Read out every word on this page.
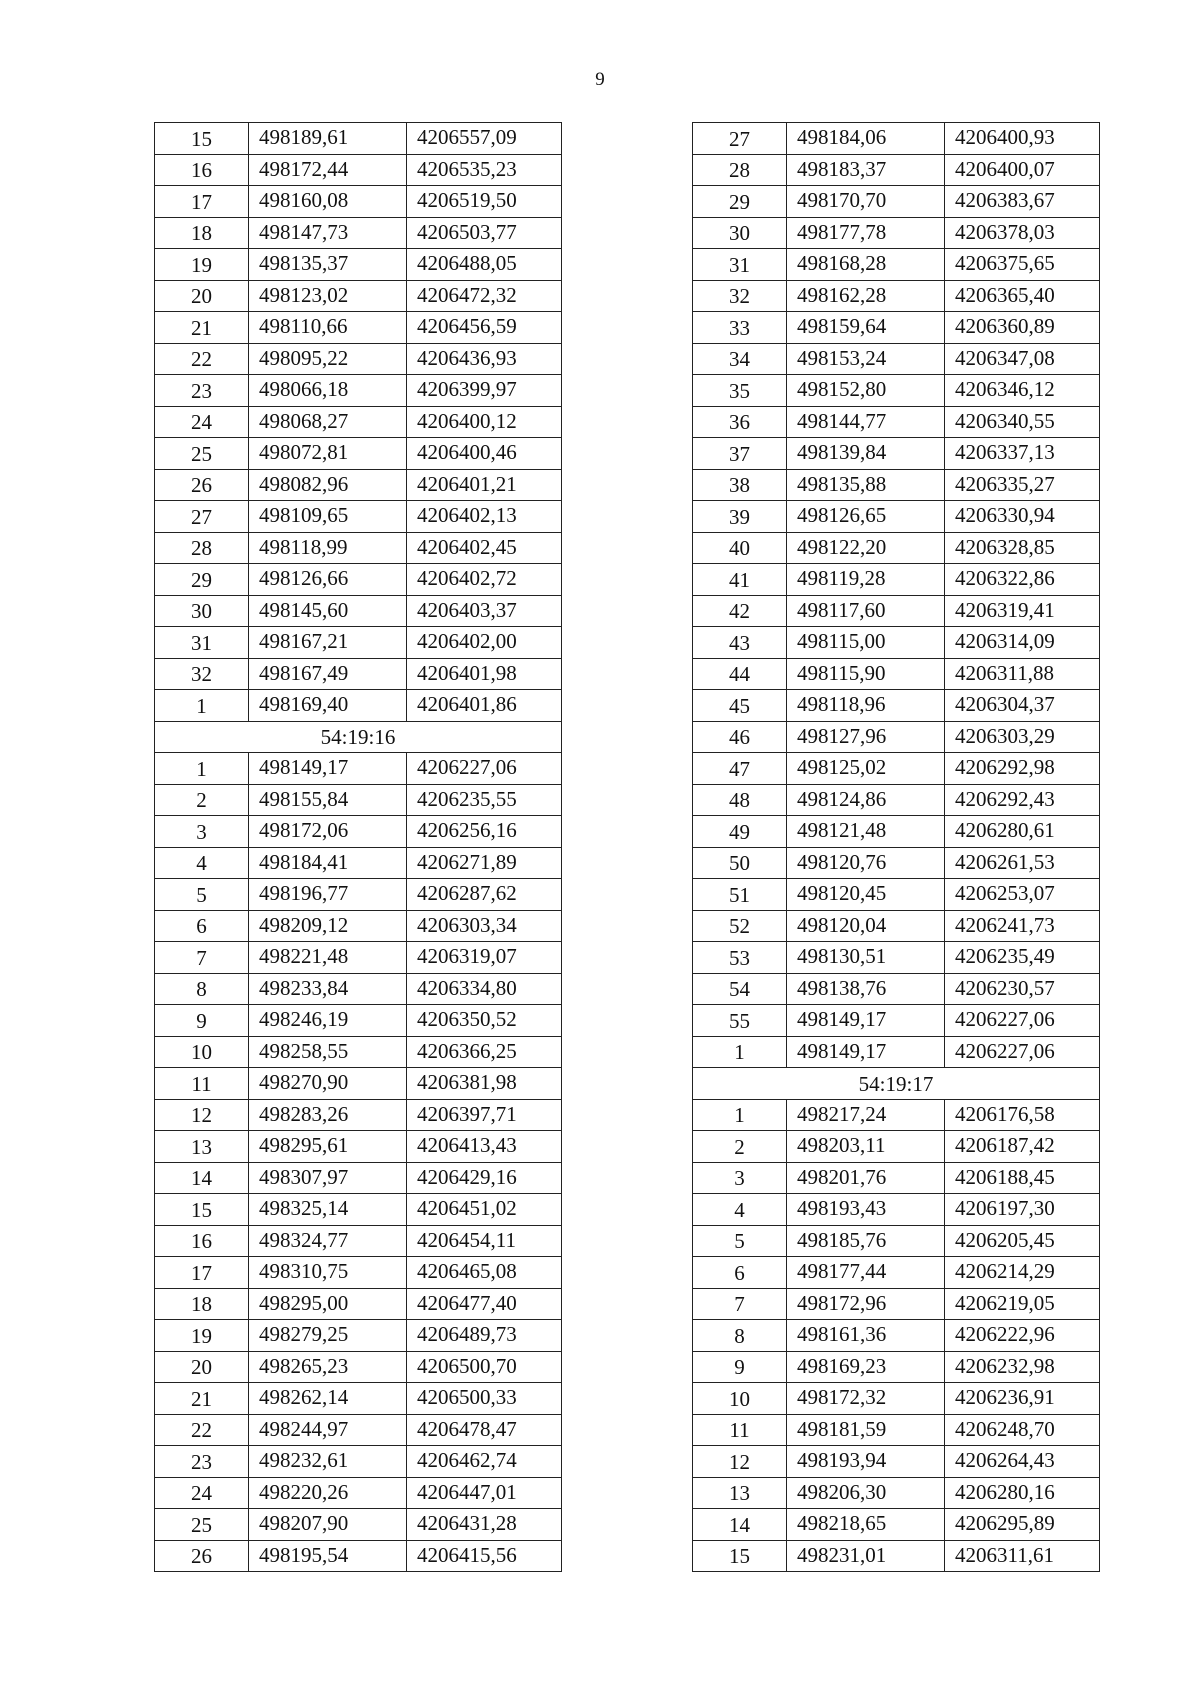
9
15	498189,61	4206557,09
16	498172,44	4206535,23
17	498160,08	4206519,50
18	498147,73	4206503,77
19	498135,37	4206488,05
20	498123,02	4206472,32
21	498110,66	4206456,59
22	498095,22	4206436,93
23	498066,18	4206399,97
24	498068,27	4206400,12
25	498072,81	4206400,46
26	498082,96	4206401,21
27	498109,65	4206402,13
28	498118,99	4206402,45
29	498126,66	4206402,72
30	498145,60	4206403,37
31	498167,21	4206402,00
32	498167,49	4206401,98
1	498169,40	4206401,86
54:19:16		
1	498149,17	4206227,06
2	498155,84	4206235,55
3	498172,06	4206256,16
4	498184,41	4206271,89
5	498196,77	4206287,62
6	498209,12	4206303,34
7	498221,48	4206319,07
8	498233,84	4206334,80
9	498246,19	4206350,52
10	498258,55	4206366,25
11	498270,90	4206381,98
12	498283,26	4206397,71
13	498295,61	4206413,43
14	498307,97	4206429,16
15	498325,14	4206451,02
16	498324,77	4206454,11
17	498310,75	4206465,08
18	498295,00	4206477,40
19	498279,25	4206489,73
20	498265,23	4206500,70
21	498262,14	4206500,33
22	498244,97	4206478,47
23	498232,61	4206462,74
24	498220,26	4206447,01
25	498207,90	4206431,28
26	498195,54	4206415,56
27	498184,06	4206400,93
28	498183,37	4206400,07
29	498170,70	4206383,67
30	498177,78	4206378,03
31	498168,28	4206375,65
32	498162,28	4206365,40
33	498159,64	4206360,89
34	498153,24	4206347,08
35	498152,80	4206346,12
36	498144,77	4206340,55
37	498139,84	4206337,13
38	498135,88	4206335,27
39	498126,65	4206330,94
40	498122,20	4206328,85
41	498119,28	4206322,86
42	498117,60	4206319,41
43	498115,00	4206314,09
44	498115,90	4206311,88
45	498118,96	4206304,37
46	498127,96	4206303,29
47	498125,02	4206292,98
48	498124,86	4206292,43
49	498121,48	4206280,61
50	498120,76	4206261,53
51	498120,45	4206253,07
52	498120,04	4206241,73
53	498130,51	4206235,49
54	498138,76	4206230,57
55	498149,17	4206227,06
1	498149,17	4206227,06
54:19:17		
1	498217,24	4206176,58
2	498203,11	4206187,42
3	498201,76	4206188,45
4	498193,43	4206197,30
5	498185,76	4206205,45
6	498177,44	4206214,29
7	498172,96	4206219,05
8	498161,36	4206222,96
9	498169,23	4206232,98
10	498172,32	4206236,91
11	498181,59	4206248,70
12	498193,94	4206264,43
13	498206,30	4206280,16
14	498218,65	4206295,89
15	498231,01	4206311,61
